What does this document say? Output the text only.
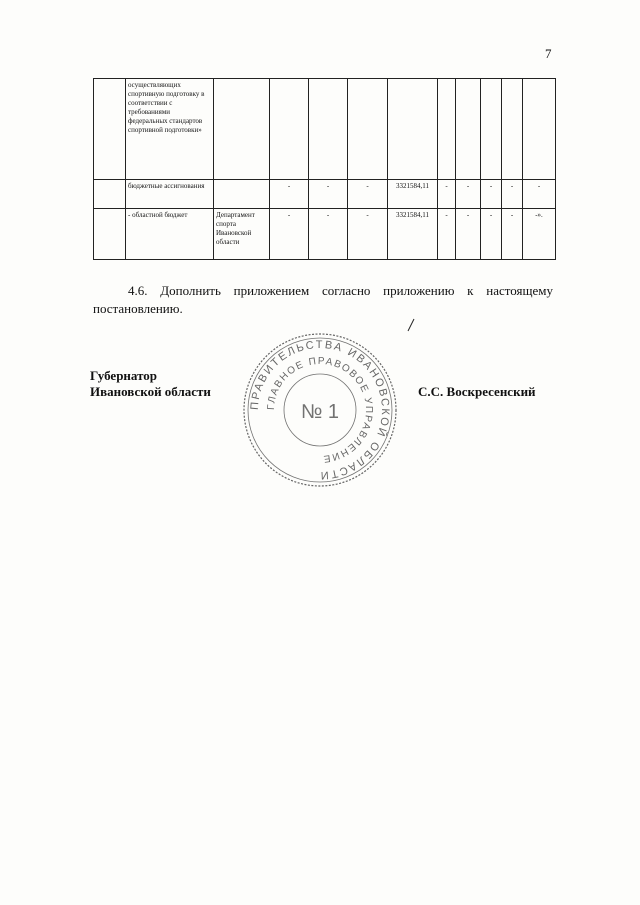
7
	осуществляющих спортивную подготовку в соответствии с требованиями федеральных стандартов спортивной подготовки»										
	бюджетные ассигнования		-	-	-	3321584,11	-	-	-	-	-
	- областной бюджет	Департамент спорта Ивановской области	-	-	-	3321584,11	-	-	-	-	-».

4.6. Дополнить приложением согласно приложению к настоящему постановлению.

Губернатор
Ивановской области	С.С. Воскресенский
ПРАВИТЕЛЬСТВА ИВАНОВСКОЙ ОБЛАСТИ
ГЛАВНОЕ ПРАВОВОЕ УПРАВЛЕНИЕ
№ 1
